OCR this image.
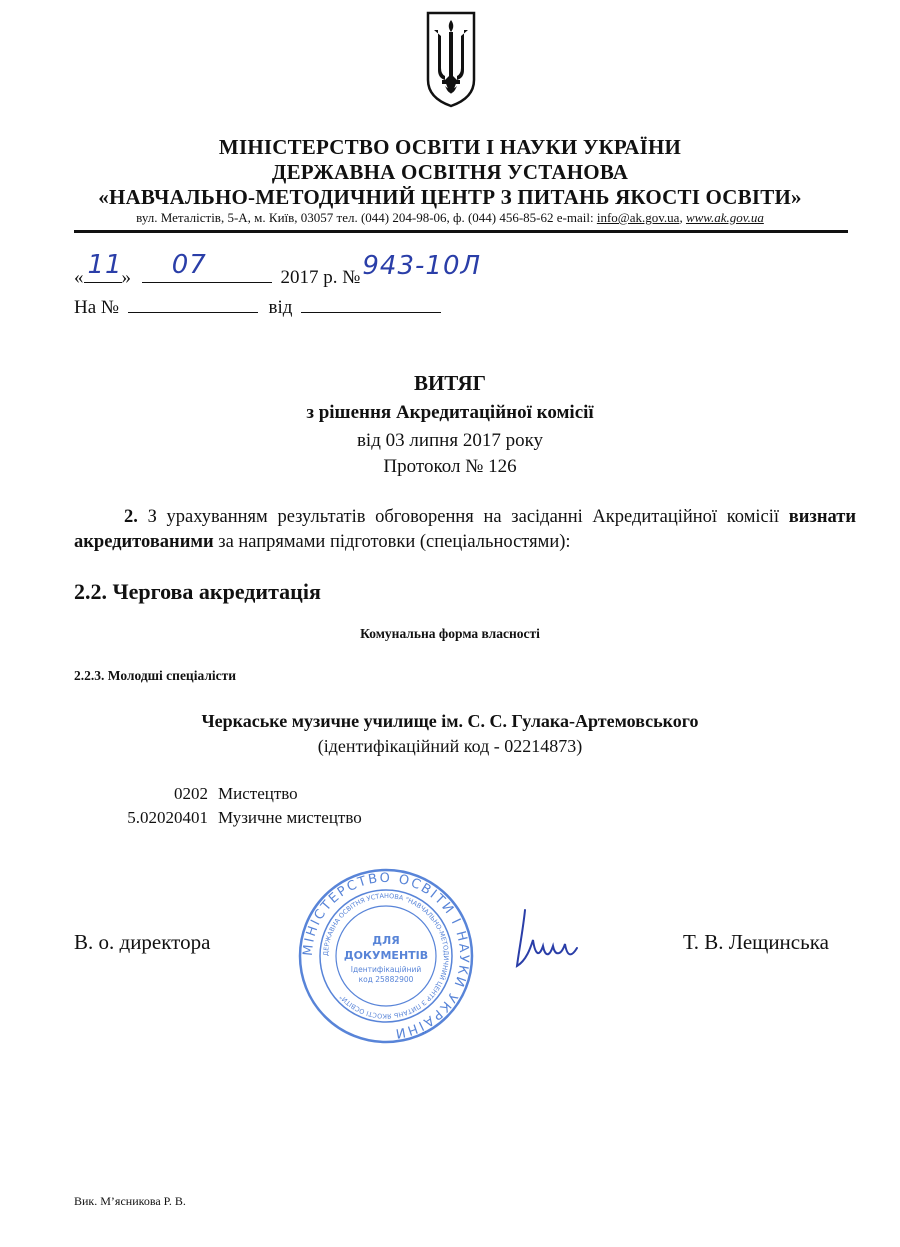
МІНІСТЕРСТВО ОСВІТИ І НАУКИ УКРАЇНИ
ДЕРЖАВНА ОСВІТНЯ УСТАНОВА
«НАВЧАЛЬНО-МЕТОДИЧНИЙ ЦЕНТР З ПИТАНЬ ЯКОСТІ ОСВІТИ»
вул. Металістів, 5-А, м. Київ, 03057 тел. (044) 204-98-06, ф. (044) 456-85-62 e-mail: info@ak.gov.ua, www.ak.gov.ua
« 11
» 07	2017 р. № 943-10Л
На №	від
ВИТЯГ
з рішення Акредитаційної комісії
від 03 липня 2017 року
Протокол № 126
2. З урахуванням результатів обговорення на засіданні Акредитаційної комісії визнати акредитованими за напрямами підготовки (спеціальностями):
2.2. Чергова акредитація
Комунальна форма власності
2.2.3. Молодші спеціалісти
Черкаське музичне училище ім. С. С. Гулака-Артемовського
(ідентифікаційний код - 02214873)
0202 Мистецтво
5.02020401 Музичне мистецтво
МІНІСТЕРСТВО ОСВІТИ І НАУКИ УКРАЇНИ
ДЕРЖАВНА ОСВІТНЯ УСТАНОВА "НАВЧАЛЬНО-МЕТОДИЧНИЙ ЦЕНТР З ПИТАНЬ ЯКОСТІ ОСВІТИ"
ДЛЯ
ДОКУМЕНТІВ
Ідентифікаційний
код 25882900
В. о. директора	Т. В. Лещинська
Вик. М’ясникова Р. В.
